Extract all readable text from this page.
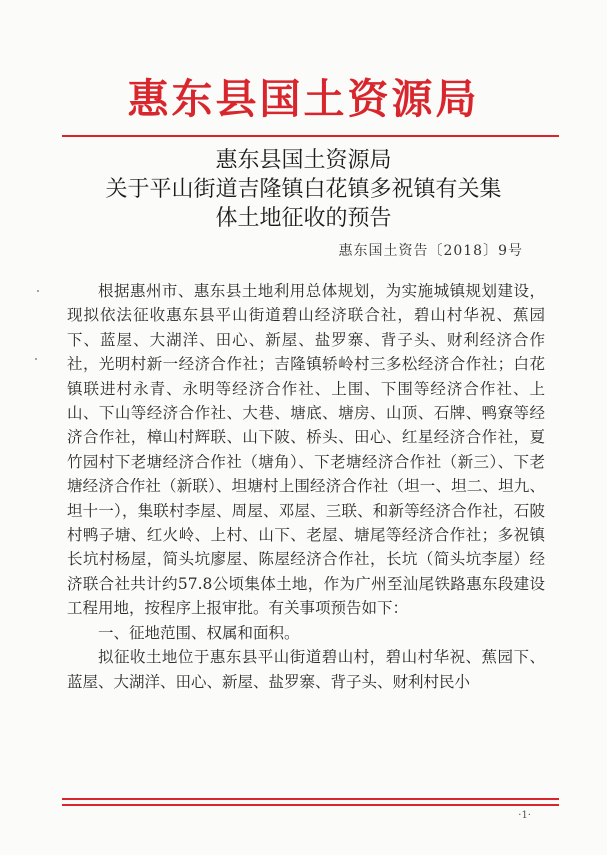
惠东县国土资源局
惠东县国土资源局
关于平山街道吉隆镇白花镇多祝镇有关集
体土地征收的预告
惠东国土资告〔2018〕9号

根据惠州市、惠东县土地利用总体规划，为实施城镇规划建设，现拟依法征收惠东县平山街道碧山经济联合社，碧山村华祝、蕉园下、蓝屋、大湖洋、田心、新屋、盐罗寨、背子头、财利经济合作社，光明村新一经济合作社；吉隆镇轿岭村三多松经济合作社；白花镇联进村永青、永明等经济合作社、上围、下围等经济合作社、上山、下山等经济合作社、大巷、塘底、塘房、山顶、石牌、鸭寮等经济合作社，樟山村辉联、山下陂、桥头、田心、红星经济合作社，夏竹园村下老塘经济合作社（塘角）、下老塘经济合作社（新三）、下老塘经济合作社（新联）、坦塘村上围经济合作社（坦一、坦二、坦九、坦十一），集联村李屋、周屋、邓屋、三联、和新等经济合作社，石陂村鸭子塘、红火岭、上村、山下、老屋、塘尾等经济合作社；多祝镇长坑村杨屋，简头坑廖屋、陈屋经济合作社，长坑（简头坑李屋）经济联合社共计约57.8公顷集体土地，作为广州至汕尾铁路惠东段建设工程用地，按程序上报审批。有关事项预告如下：

一、征地范围、权属和面积。

拟征收土地位于惠东县平山街道碧山村，碧山村华祝、蕉园下、蓝屋、大湖洋、田心、新屋、盐罗寨、背子头、财利村民小

·1·
